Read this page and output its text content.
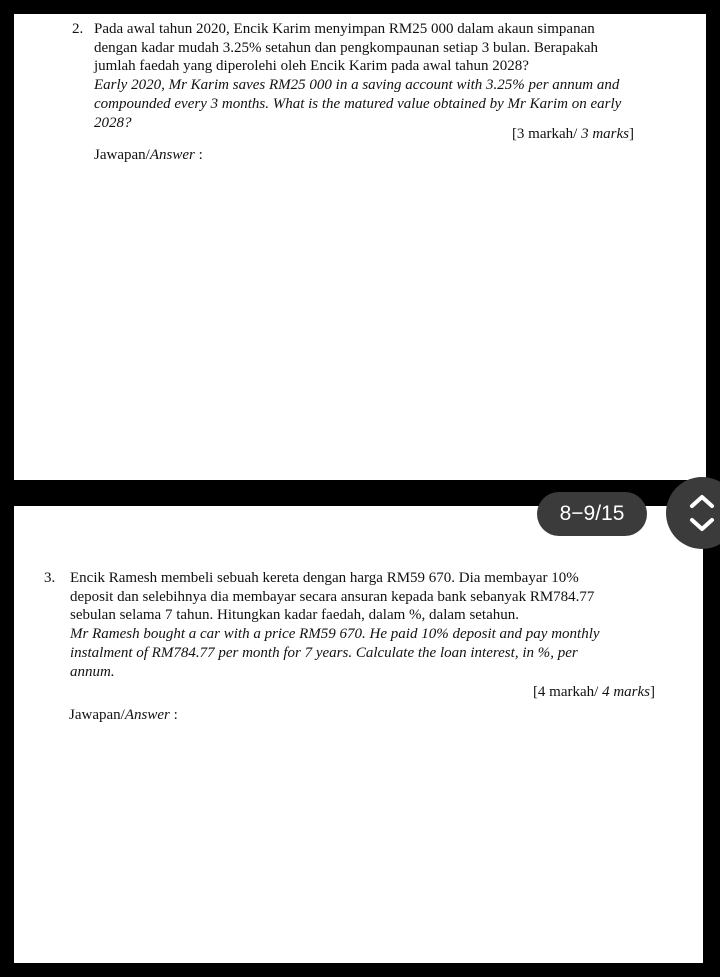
2. Pada awal tahun 2020, Encik Karim menyimpan RM25 000 dalam akaun simpanan
dengan kadar mudah 3.25% setahun dan pengkompaunan setiap 3 bulan. Berapakah
jumlah faedah yang diperolehi oleh Encik Karim pada awal tahun 2028?
Early 2020, Mr Karim saves RM25 000 in a saving account with 3.25% per annum and
compounded every 3 months. What is the matured value obtained by Mr Karim on early
2028?
[3 markah/ 3 marks]
Jawapan/Answer :
3. Encik Ramesh membeli sebuah kereta dengan harga RM59 670. Dia membayar 10%
deposit dan selebihnya dia membayar secara ansuran kepada bank sebanyak RM784.77
sebulan selama 7 tahun. Hitungkan kadar faedah, dalam %, dalam setahun.
Mr Ramesh bought a car with a price RM59 670. He paid 10% deposit and pay monthly
instalment of RM784.77 per month for 7 years. Calculate the loan interest, in %, per
annum.
[4 markah/ 4 marks]
Jawapan/Answer :
8−9/15
